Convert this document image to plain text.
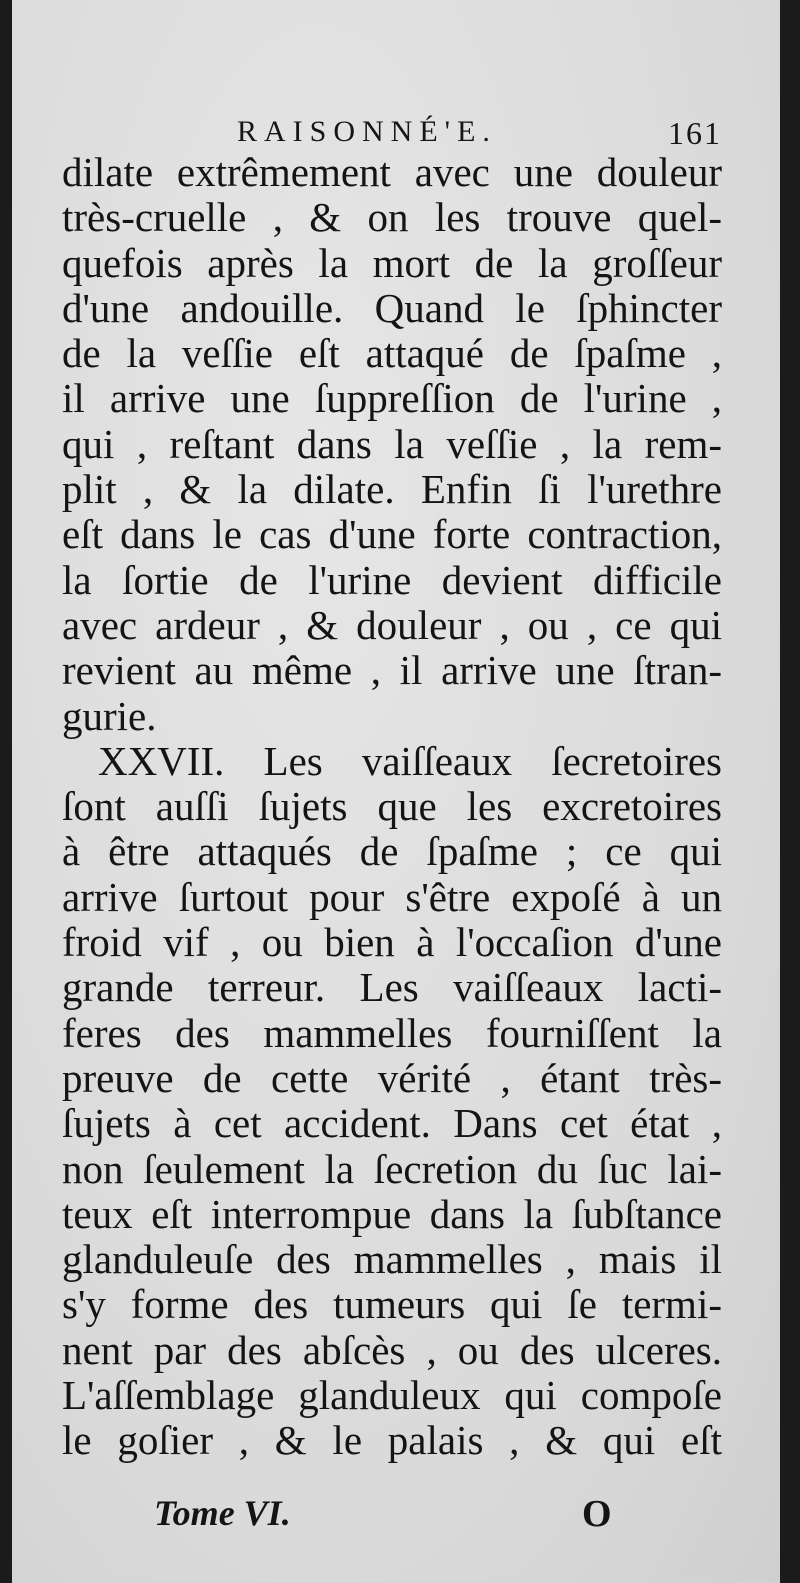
RAISONNÉ'E.	161
dilate extrêmement avec une douleur
très-cruelle , & on les trouve quel-
quefois après la mort de la groſſeur
d'une andouille. Quand le ſphincter
de la veſſie eſt attaqué de ſpaſme ,
il arrive une ſuppreſſion de l'urine ,
qui , reſtant dans la veſſie , la rem-
plit , & la dilate. Enfin ſi l'urethre
eſt dans le cas d'une forte contraction,
la ſortie de l'urine devient difficile
avec ardeur , & douleur , ou , ce qui
revient au même , il arrive une ſtran-
gurie.
XXVII. Les vaiſſeaux ſecretoires
ſont auſſi ſujets que les excretoires
à être attaqués de ſpaſme ; ce qui
arrive ſurtout pour s'être expoſé à un
froid vif , ou bien à l'occaſion d'une
grande terreur. Les vaiſſeaux lacti-
feres des mammelles fourniſſent la
preuve de cette vérité , étant très-
ſujets à cet accident. Dans cet état ,
non ſeulement la ſecretion du ſuc lai-
teux eſt interrompue dans la ſubſtance
glanduleuſe des mammelles , mais il
s'y forme des tumeurs qui ſe termi-
nent par des abſcès , ou des ulceres.
L'aſſemblage glanduleux qui compoſe
le goſier , & le palais , & qui eſt
Tome VI.	O
